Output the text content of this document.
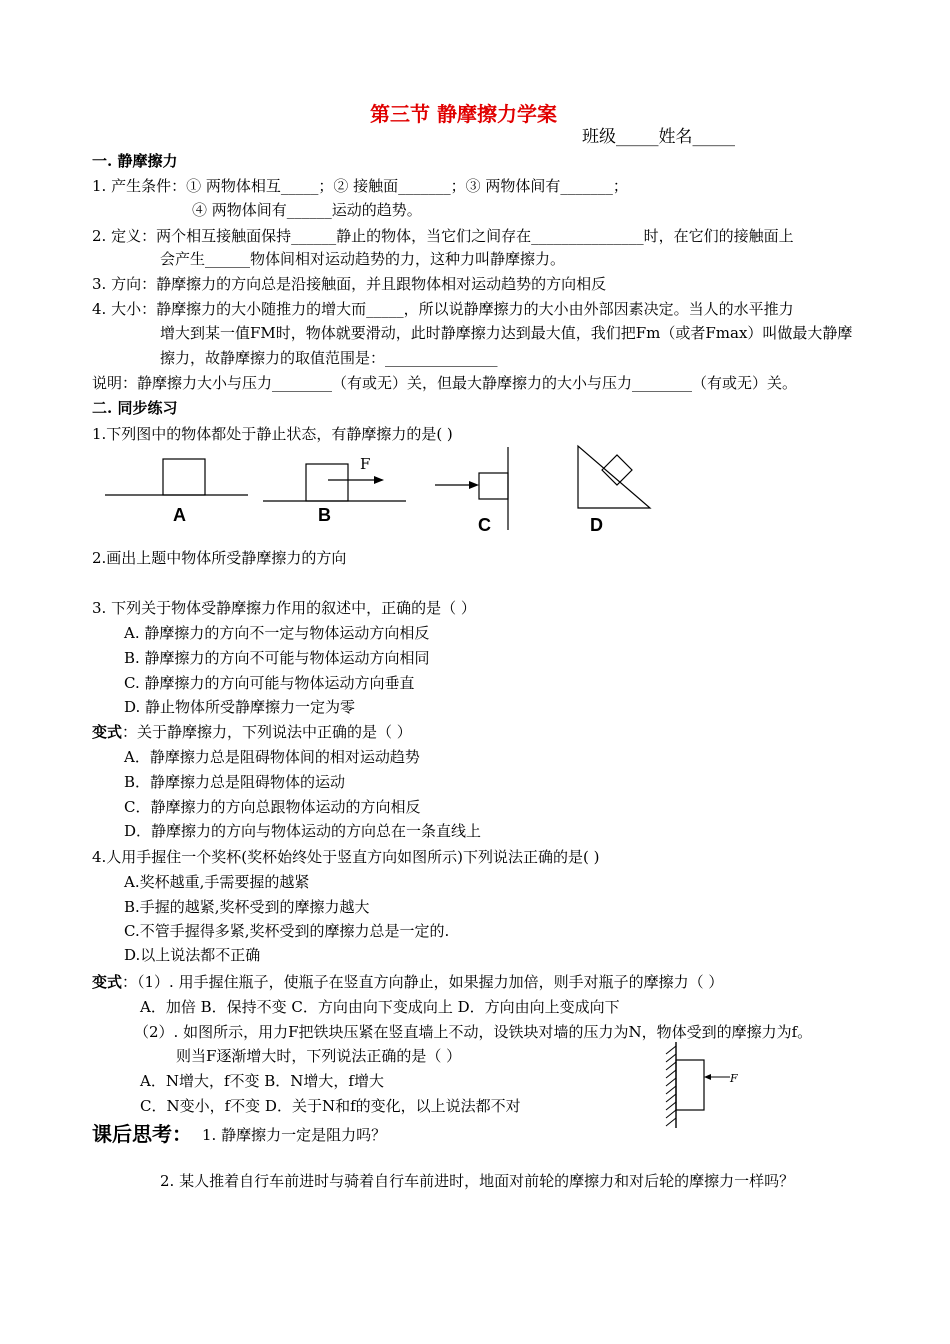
第三节 静摩擦力学案
班级_____姓名_____
一. 静摩擦力
1. 产生条件：① 两物体相互_____；② 接触面_______；③ 两物体间有_______；
④ 两物体间有______运动的趋势。
2. 定义：两个相互接触面保持______静止的物体，当它们之间存在_______________时，在它们的接触面上
会产生______物体间相对运动趋势的力，这种力叫静摩擦力。
3. 方向：静摩擦力的方向总是沿接触面，并且跟物体相对运动趋势的方向相反
4. 大小：静摩擦力的大小随推力的增大而_____，所以说静摩擦力的大小由外部因素决定。当人的水平推力
增大到某一值FM时，物体就要滑动，此时静摩擦力达到最大值，我们把Fm（或者Fmax）叫做最大静摩
擦力，故静摩擦力的取值范围是：_______________
说明：静摩擦力大小与压力________（有或无）关，但最大静摩擦力的大小与压力________（有或无）关。
二. 同步练习
1.下列图中的物体都处于静止状态，有静摩擦力的是( )
A
F
B	C	D
2.画出上题中物体所受静摩擦力的方向
3. 下列关于物体受静摩擦力作用的叙述中，正确的是（ ）
A. 静摩擦力的方向不一定与物体运动方向相反
B. 静摩擦力的方向不可能与物体运动方向相同
C. 静摩擦力的方向可能与物体运动方向垂直
D. 静止物体所受静摩擦力一定为零
变式：关于静摩擦力，下列说法中正确的是（ ）
A．静摩擦力总是阻碍物体间的相对运动趋势
B．静摩擦力总是阻碍物体的运动
C．静摩擦力的方向总跟物体运动的方向相反
D．静摩擦力的方向与物体运动的方向总在一条直线上
4.人用手握住一个奖杯(奖杯始终处于竖直方向如图所示)下列说法正确的是( )
A.奖杯越重,手需要握的越紧
B.手握的越紧,奖杯受到的摩擦力越大
C.不管手握得多紧,奖杯受到的摩擦力总是一定的.
D.以上说法都不正确
变式：（1）. 用手握住瓶子，使瓶子在竖直方向静止，如果握力加倍，则手对瓶子的摩擦力（ ）
A．加倍 B．保持不变 C．方向由向下变成向上 D．方向由向上变成向下
（2）. 如图所示，用力F把铁块压紧在竖直墙上不动，设铁块对墙的压力为N，物体受到的摩擦力为f。
则当F逐渐增大时，下列说法正确的是（ ）
A．N增大，f不变 B．N增大，f增大
C．N变小，f不变 D．关于N和f的变化，以上说法都不对
F
课后思考： 1. 静摩擦力一定是阻力吗？
2. 某人推着自行车前进时与骑着自行车前进时，地面对前轮的摩擦力和对后轮的摩擦力一样吗？
